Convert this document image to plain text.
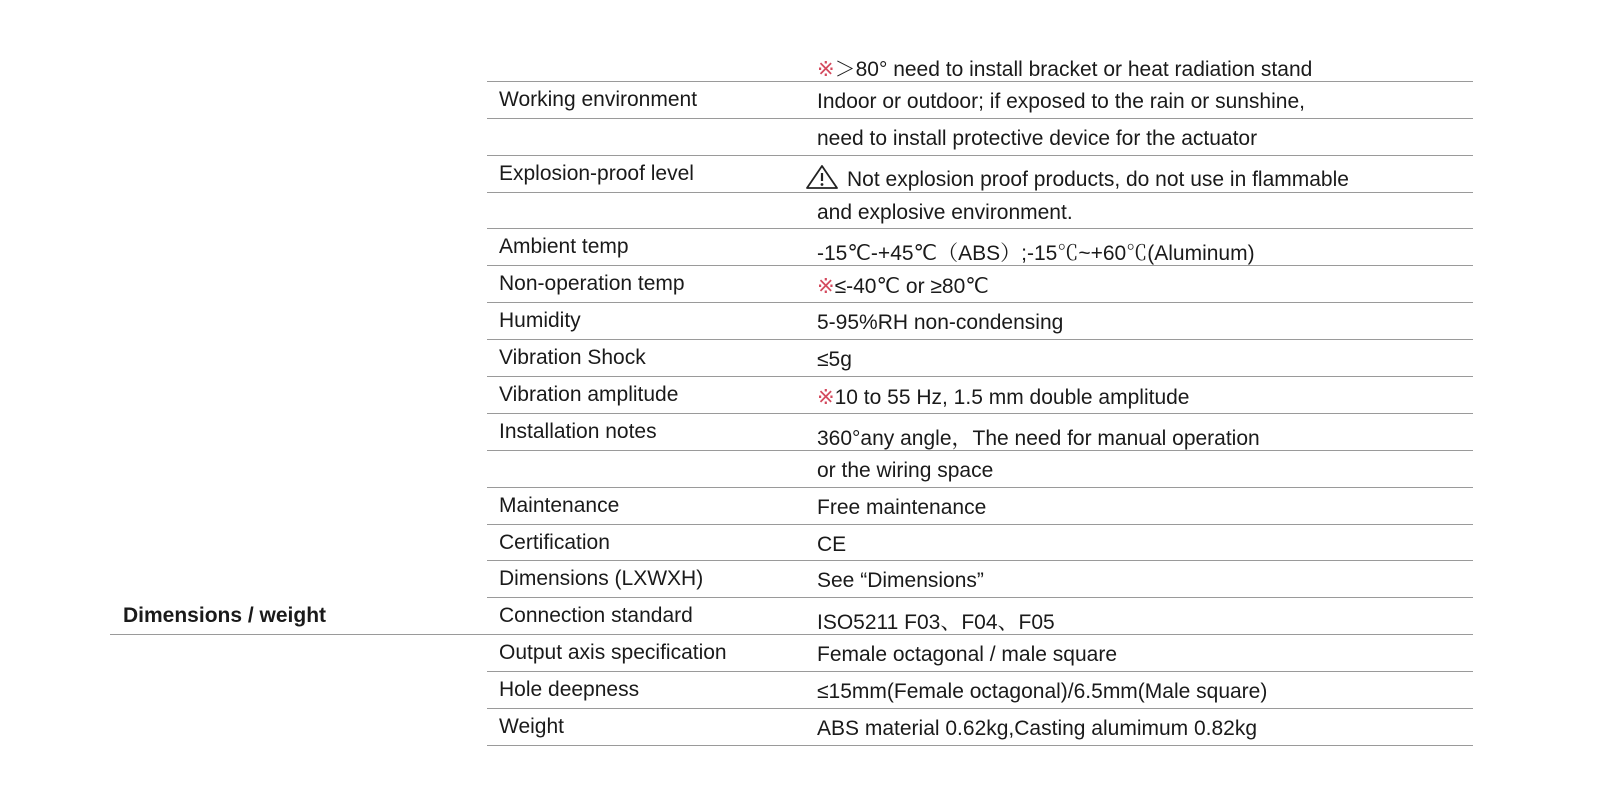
Dimensions / weight
※＞80° need to install bracket or heat radiation stand
Working environment	Indoor or outdoor; if exposed to the rain or sunshine,
need to install protective device for the actuator
Explosion-proof level	Not explosion proof products, do not use in flammable
and explosive environment.
Ambient temp	-15℃-+45℃（ABS）;-15℃~+60℃(Aluminum)
Non-operation temp	※≤-40℃ or ≥80℃
Humidity	5-95%RH non-condensing
Vibration Shock	≤5g
Vibration amplitude	※10 to 55 Hz, 1.5 mm double amplitude
Installation notes	360°any angle，The need for manual operation
or the wiring space
Maintenance	Free maintenance
Certification	CE
Dimensions (LXWXH)	See “Dimensions”
Connection standard	ISO5211 F03、F04、F05
Output axis specification	Female octagonal / male square
Hole deepness	≤15mm(Female octagonal)/6.5mm(Male square)
Weight	ABS material 0.62kg,Casting alumimum 0.82kg
